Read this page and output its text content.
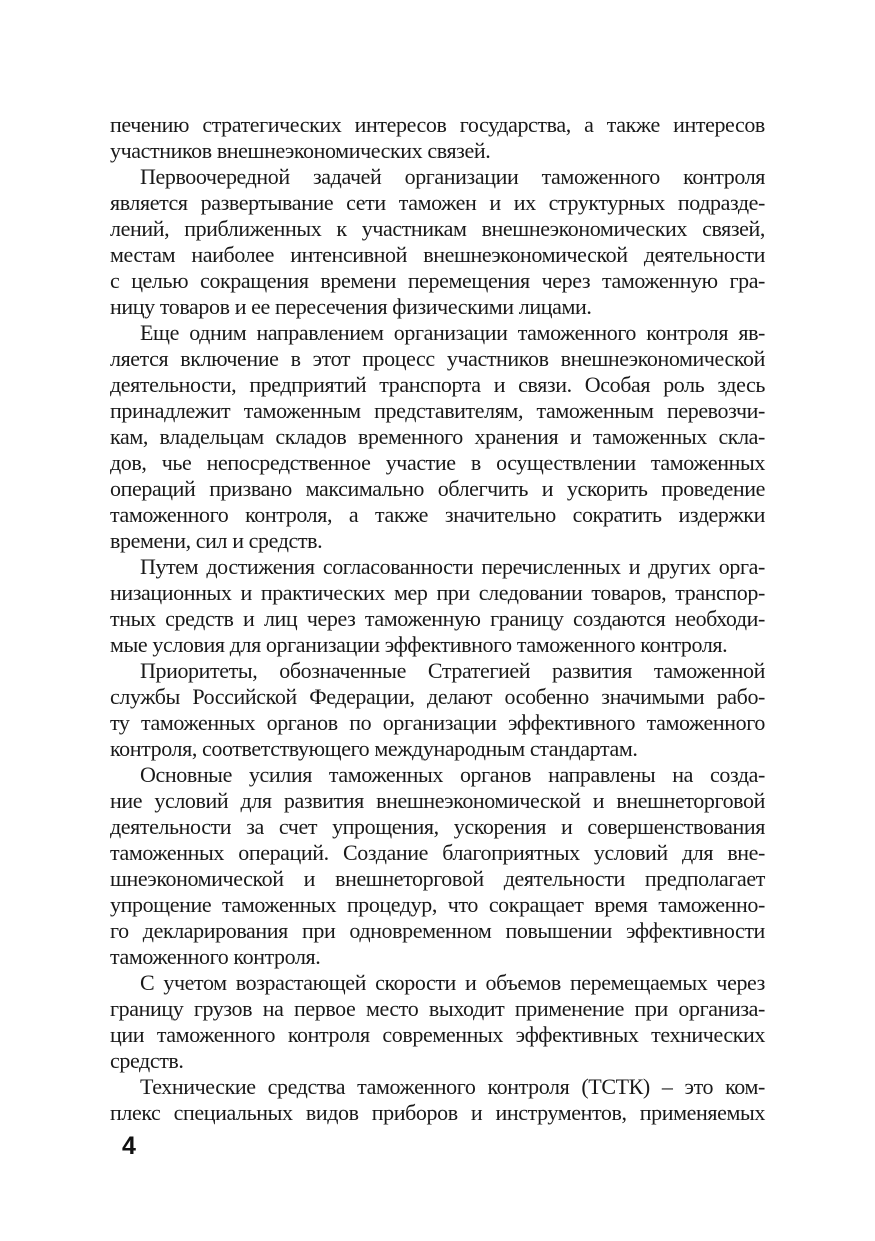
печению стратегических интересов государства, а также интересов
участников внешнеэкономических связей.
Первоочередной задачей организации таможенного контроля
является развертывание сети таможен и их структурных подразде-
лений, приближенных к участникам внешнеэкономических связей,
местам наиболее интенсивной внешнеэкономической деятельности
с целью сокращения времени перемещения через таможенную гра-
ницу товаров и ее пересечения физическими лицами.
Еще одним направлением организации таможенного контроля яв-
ляется включение в этот процесс участников внешнеэкономической
деятельности, предприятий транспорта и связи. Особая роль здесь
принадлежит таможенным представителям, таможенным перевозчи-
кам, владельцам складов временного хранения и таможенных скла-
дов, чье непосредственное участие в осуществлении таможенных
операций призвано максимально облегчить и ускорить проведение
таможенного контроля, а также значительно сократить издержки
времени, сил и средств.
Путем достижения согласованности перечисленных и других орга-
низационных и практических мер при следовании товаров, транспор-
тных средств и лиц через таможенную границу создаются необходи-
мые условия для организации эффективного таможенного контроля.
Приоритеты, обозначенные Стратегией развития таможенной
службы Российской Федерации, делают особенно значимыми рабо-
ту таможенных органов по организации эффективного таможенного
контроля, соответствующего международным стандартам.
Основные усилия таможенных органов направлены на созда-
ние условий для развития внешнеэкономической и внешнеторговой
деятельности за счет упрощения, ускорения и совершенствования
таможенных операций. Создание благоприятных условий для вне-
шнеэкономической и внешнеторговой деятельности предполагает
упрощение таможенных процедур, что сокращает время таможенно-
го декларирования при одновременном повышении эффективности
таможенного контроля.
С учетом возрастающей скорости и объемов перемещаемых через
границу грузов на первое место выходит применение при организа-
ции таможенного контроля современных эффективных технических
средств.
Технические средства таможенного контроля (ТСТК) – это ком-
плекс специальных видов приборов и инструментов, применяемых
4
